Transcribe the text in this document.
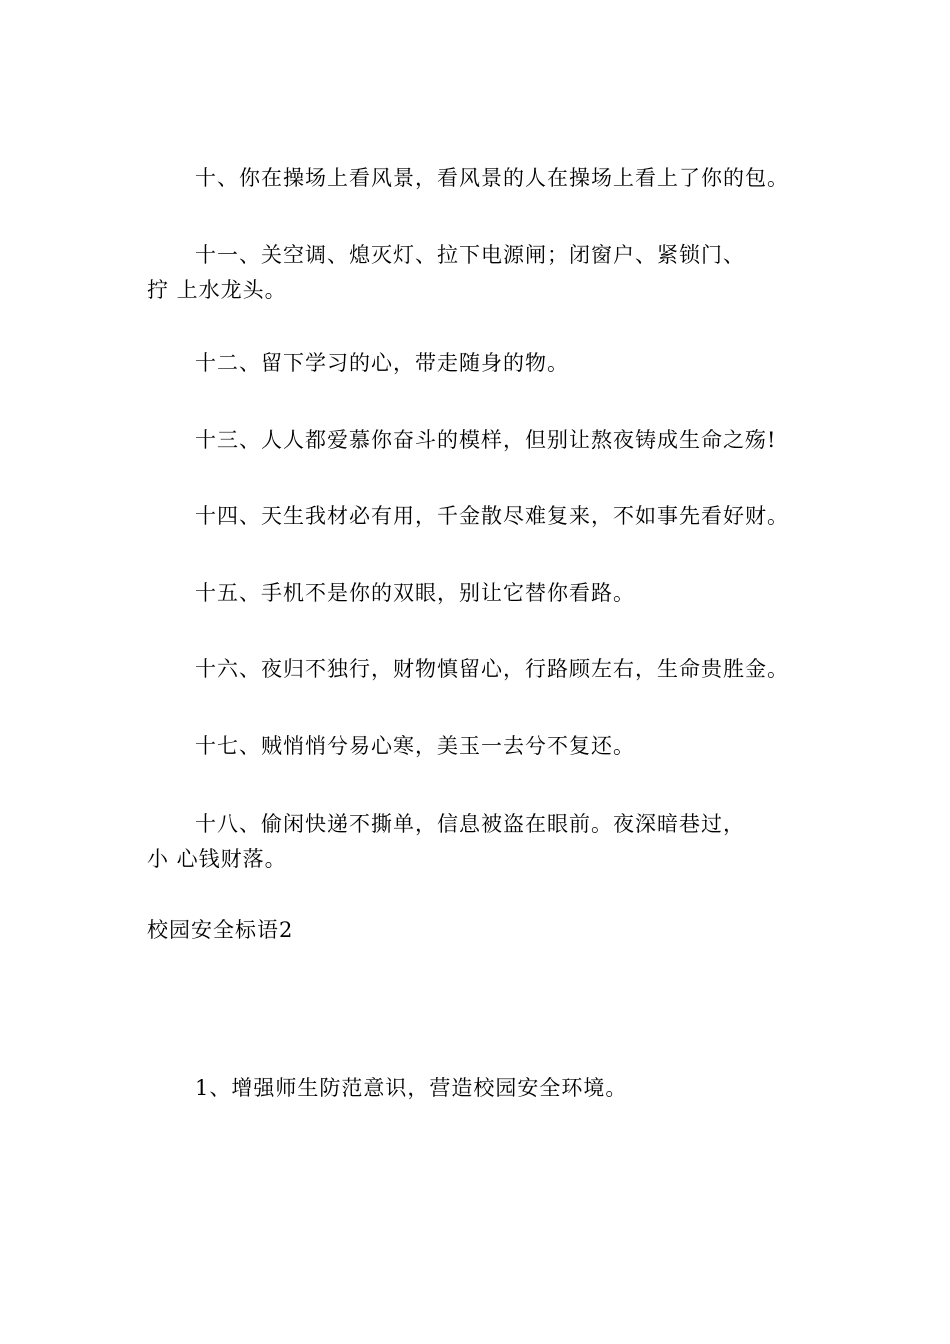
十、你在操场上看风景，看风景的人在操场上看上了你的包。
十一、关空调、熄灭灯、拉下电源闸；闭窗户、紧锁门、
拧 上水龙头。
十二、留下学习的心，带走随身的物。
十三、人人都爱慕你奋斗的模样，但别让熬夜铸成生命之殇!
十四、天生我材必有用，千金散尽难复来，不如事先看好财。
十五、手机不是你的双眼，别让它替你看路。
十六、夜归不独行，财物慎留心，行路顾左右，生命贵胜金。
十七、贼悄悄兮易心寒，美玉一去兮不复还。
十八、偷闲快递不撕单，信息被盗在眼前。夜深暗巷过，
小 心钱财落。
校园安全标语2
1、增强师生防范意识，营造校园安全环境。
